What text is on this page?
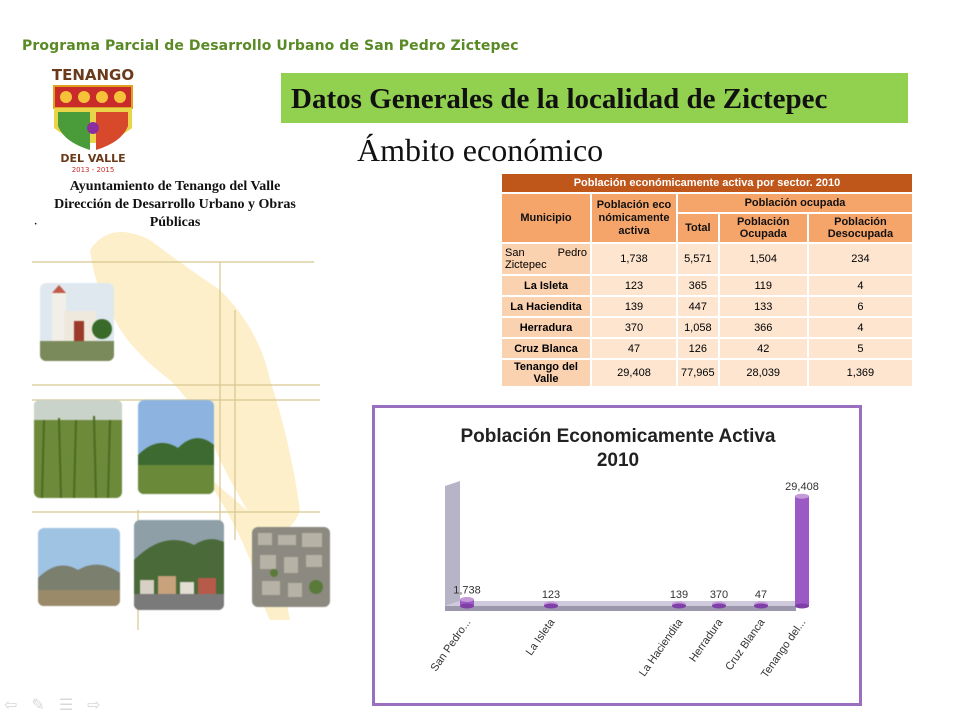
Programa Parcial de Desarrollo Urbano de San Pedro Zictepec
TENANGO
DEL VALLE
2013 - 2015
Ayuntamiento de Tenango del Valle
Dirección de Desarrollo Urbano y Obras
Públicas
·
Datos Generales de la localidad de Zictepec
Ámbito económico
Población económicamente activa por sector. 2010				
Municipio	Población económicamente activa	Población ocupada		
		Total	Población Ocupada	Población Desocupada

San Pedro
Zictepec	1,738	5,571	1,504	234
La Isleta	123	365	119	4
La Haciendita	139	447	133	6
Herradura	370	1,058	366	4
Cruz Blanca	47	126	42	5
Tenango del Valle	29,408	77,965	28,039	1,369
Población Economicamente Activa
2010
1,738	123	139 370 47
29,408
San Pedro...	La Isleta	La Haciendita Herradura
Cruz Blanca
Tenango del...
⇦ ✎ ☰ ⇨
